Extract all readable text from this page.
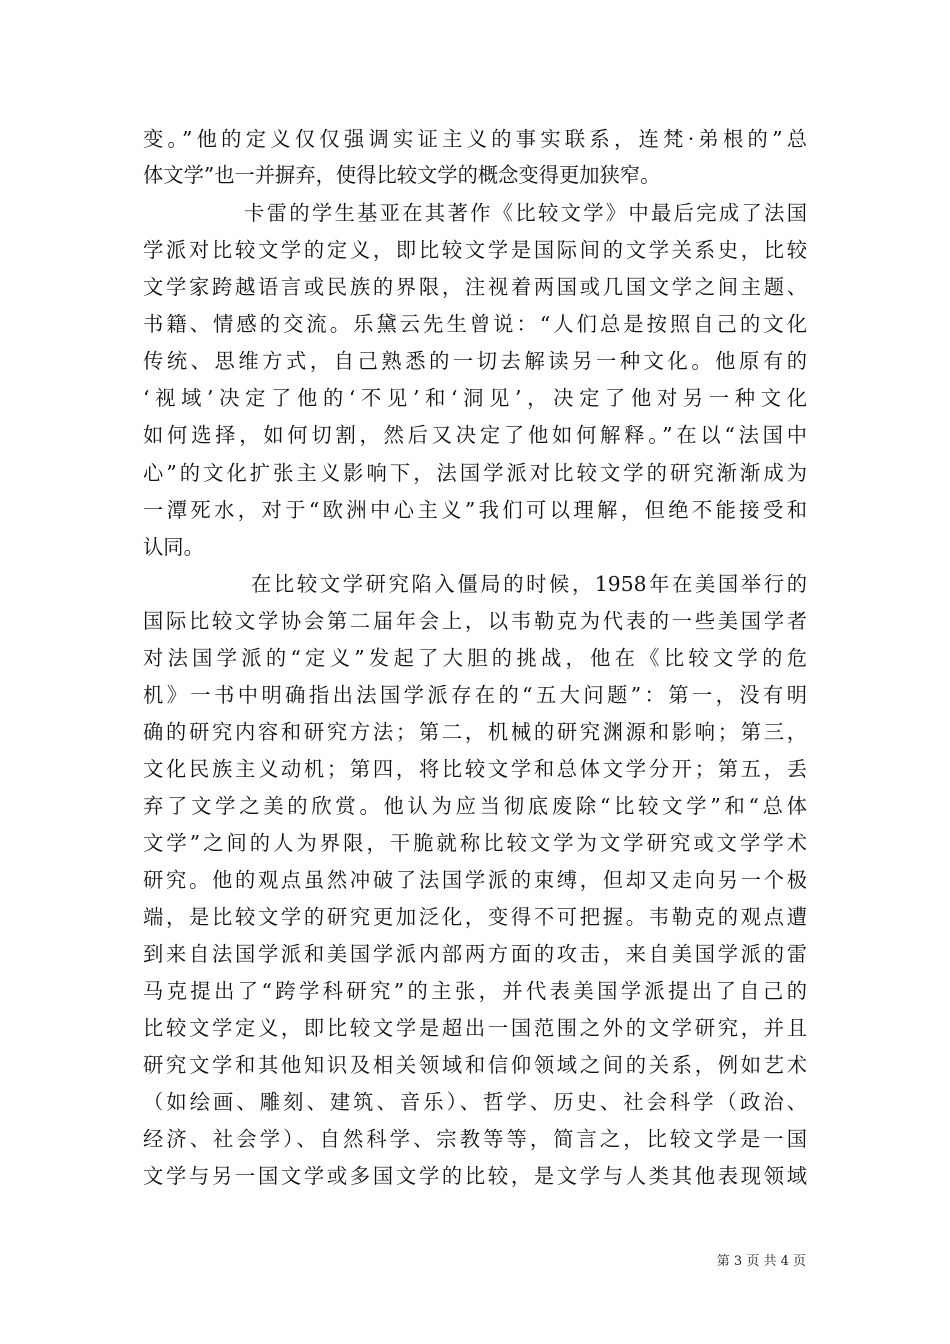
变。”他的定义仅仅强调实证主义的事实联系，连梵·弟根的”总
体文学”也一并摒弃，使得比较文学的概念变得更加狭窄。
卡雷的学生基亚在其著作《比较文学》中最后完成了法国
学派对比较文学的定义，即比较文学是国际间的文学关系史，比较
文学家跨越语言或民族的界限，注视着两国或几国文学之间主题、
书籍、情感的交流。乐黛云先生曾说：“人们总是按照自己的文化
传统、思维方式，自己熟悉的一切去解读另一种文化。他原有的
‘视域’决定了他的‘不见’和‘洞见’，决定了他对另一种文化
如何选择，如何切割，然后又决定了他如何解释。”在以“法国中
心”的文化扩张主义影响下，法国学派对比较文学的研究渐渐成为
一潭死水，对于“欧洲中心主义”我们可以理解，但绝不能接受和
认同。
在比较文学研究陷入僵局的时候，1958年在美国举行的
国际比较文学协会第二届年会上，以韦勒克为代表的一些美国学者
对法国学派的“定义”发起了大胆的挑战，他在《比较文学的危
机》一书中明确指出法国学派存在的“五大问题”：第一，没有明
确的研究内容和研究方法；第二，机械的研究渊源和影响；第三，
文化民族主义动机；第四，将比较文学和总体文学分开；第五，丢
弃了文学之美的欣赏。他认为应当彻底废除“比较文学”和“总体
文学”之间的人为界限，干脆就称比较文学为文学研究或文学学术
研究。他的观点虽然冲破了法国学派的束缚，但却又走向另一个极
端，是比较文学的研究更加泛化，变得不可把握。韦勒克的观点遭
到来自法国学派和美国学派内部两方面的攻击，来自美国学派的雷
马克提出了“跨学科研究”的主张，并代表美国学派提出了自己的
比较文学定义，即比较文学是超出一国范围之外的文学研究，并且
研究文学和其他知识及相关领域和信仰领域之间的关系，例如艺术
（如绘画、雕刻、建筑、音乐）、哲学、历史、社会科学（政治、
经济、社会学）、自然科学、宗教等等，简言之，比较文学是一国
文学与另一国文学或多国文学的比较，是文学与人类其他表现领域
第 3 页 共 4 页
